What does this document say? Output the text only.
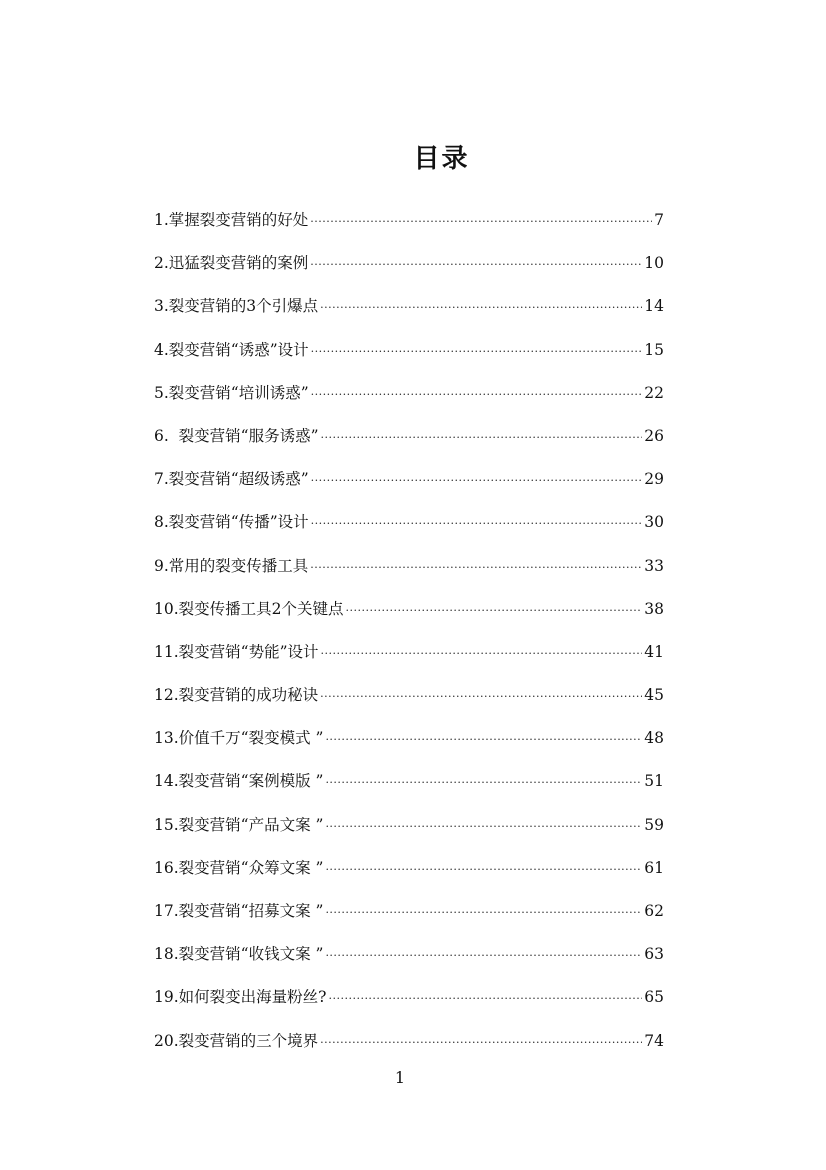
目录
1.掌握裂变营销的好处 .....	7
2.迅猛裂变营销的案例 .....	10
3.裂变营销的3个引爆点 .....	14
4.裂变营销“诱惑”设计 .....	15
5.裂变营销“培训诱惑” .....	22
6.  裂变营销“服务诱惑” .....	26
7.裂变营销“超级诱惑” .....	29
8.裂变营销“传播”设计 .....	30
9.常用的裂变传播工具 .....	33
10.裂变传播工具2个关键点 .....	38
11.裂变营销“势能”设计 .....	41
12.裂变营销的成功秘诀 .....	45
13.价值千万“裂变模式 ” .....	48
14.裂变营销“案例模版 ” .....	51
15.裂变营销“产品文案 ” .....	59
16.裂变营销“众筹文案 ” .....	61
17.裂变营销“招募文案 ” .....	62
18.裂变营销“收钱文案 ” .....	63
19.如何裂变出海量粉丝? .....	65
20.裂变营销的三个境界 .....	74
1
